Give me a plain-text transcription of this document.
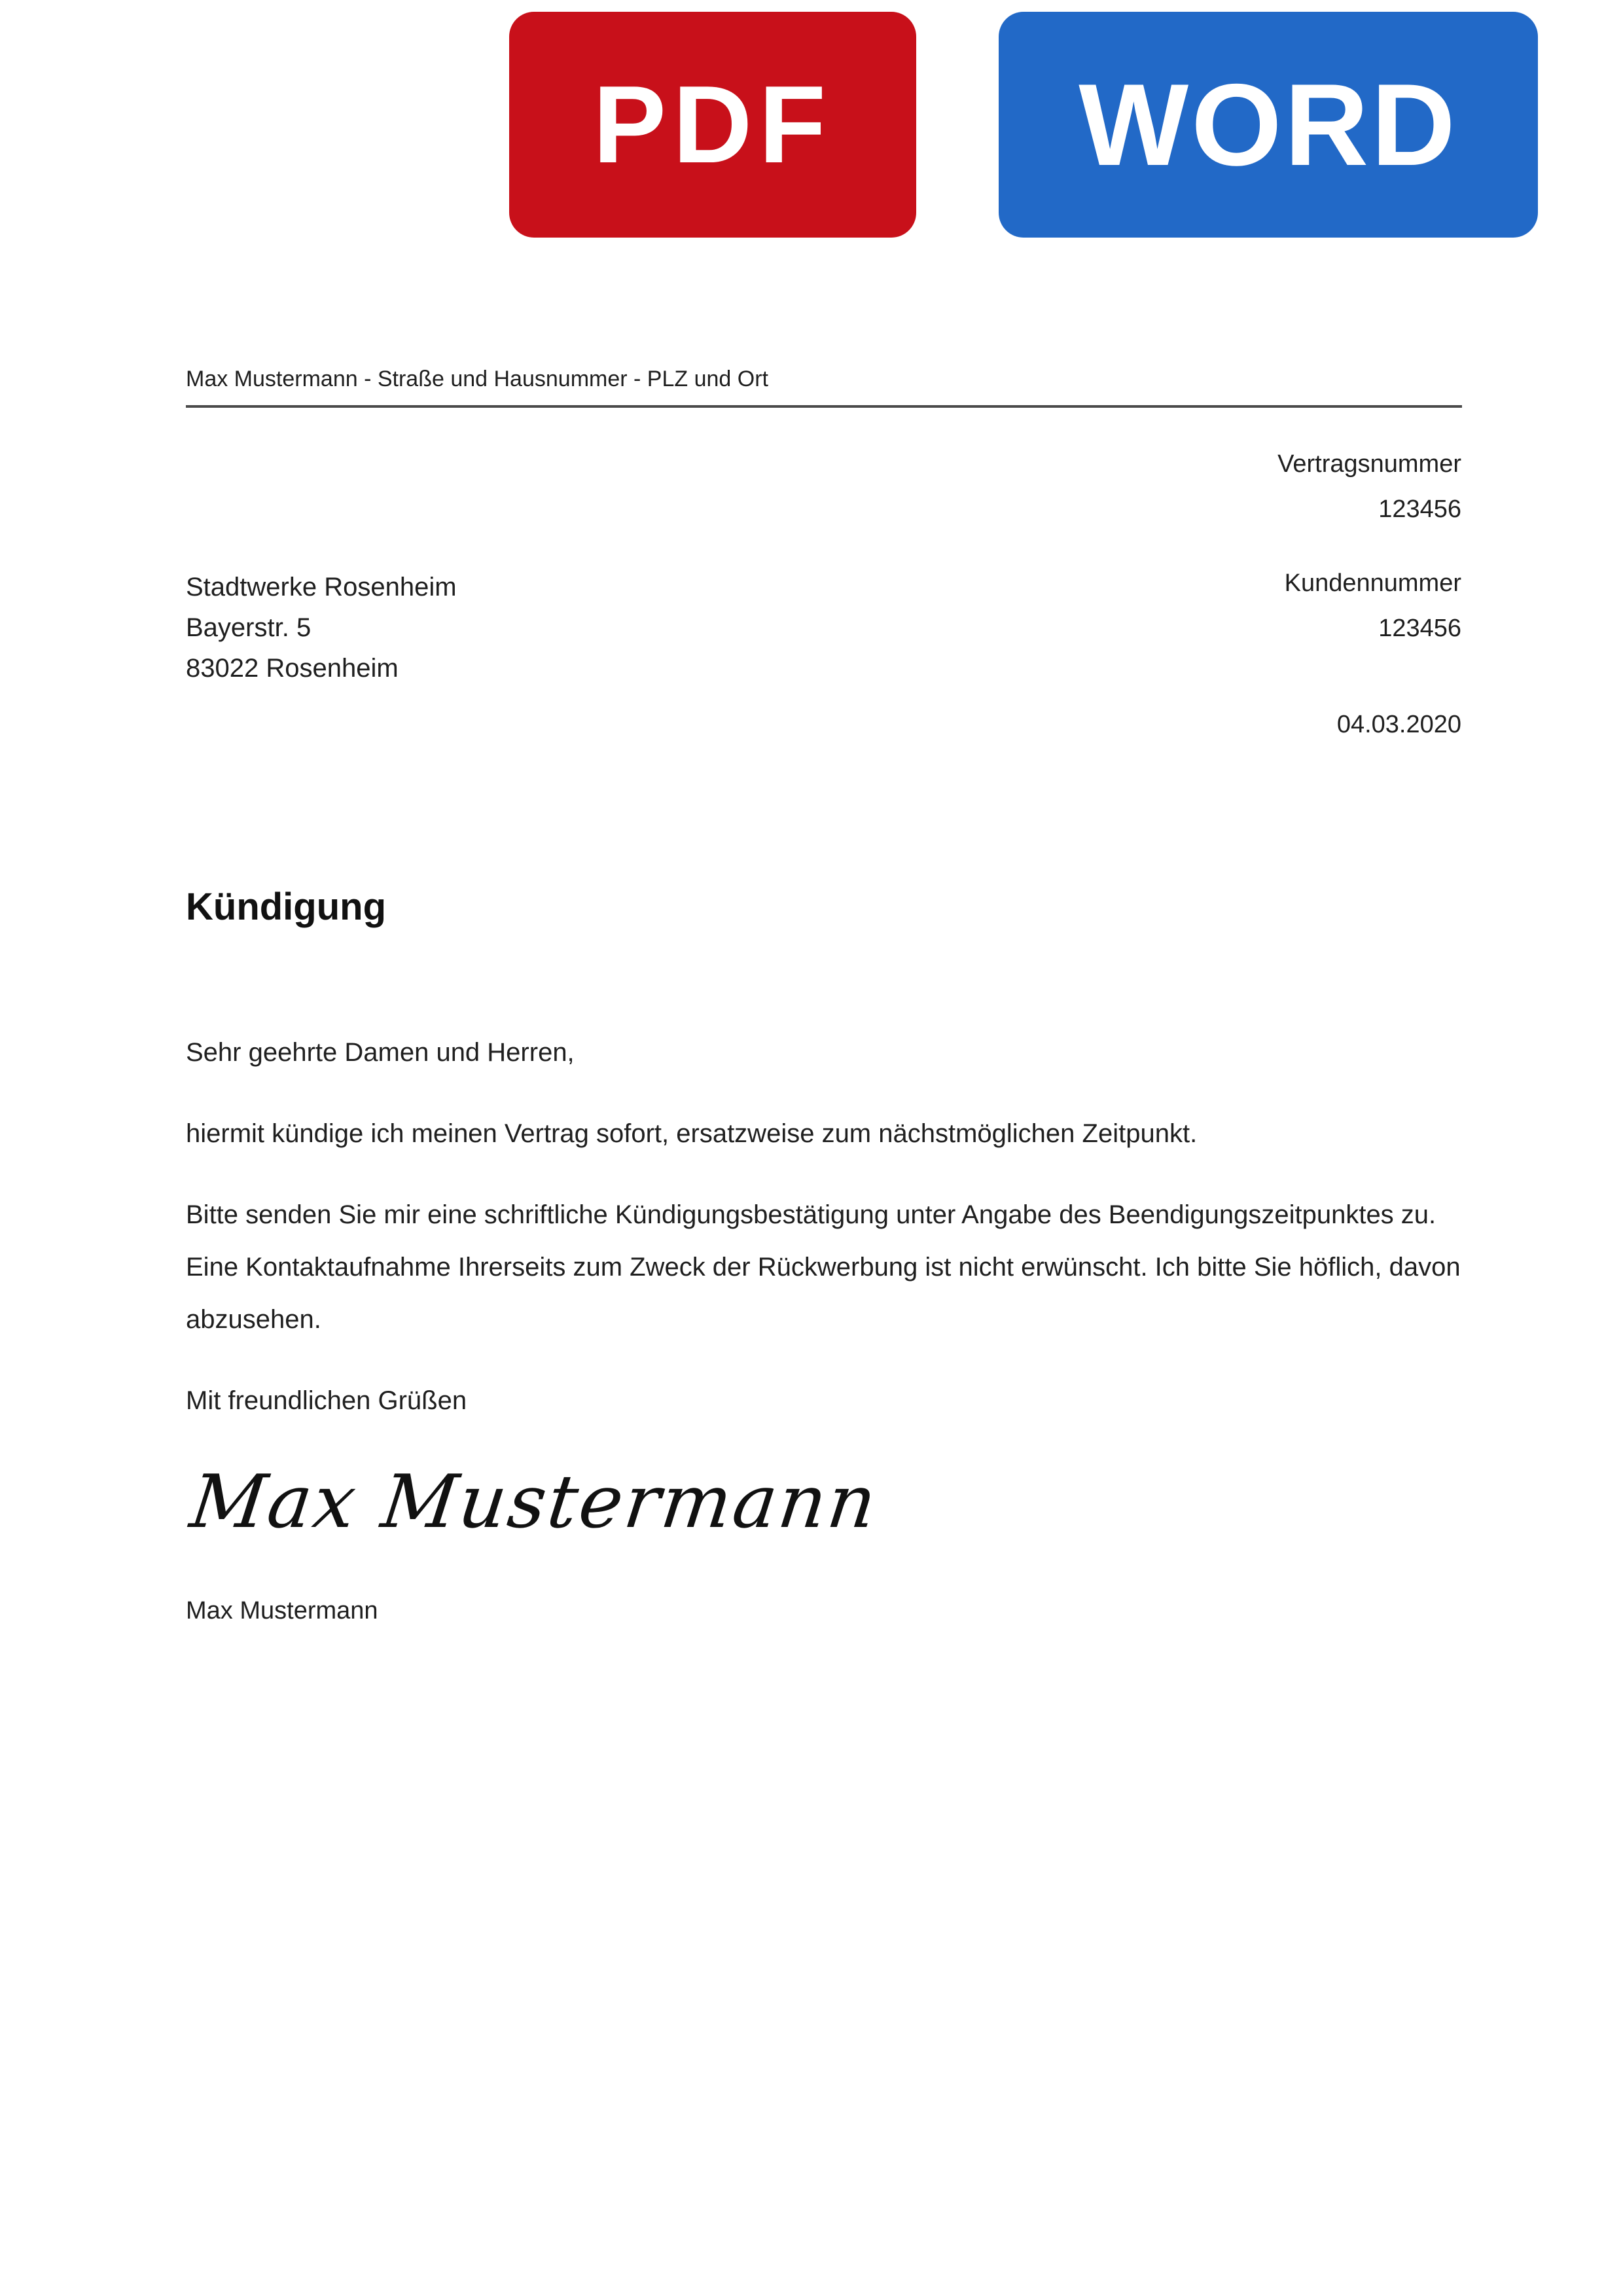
PDF	WORD
Max Mustermann - Straße und Hausnummer - PLZ und Ort
Vertragsnummer
123456
Kundennummer
123456
04.03.2020
Stadtwerke Rosenheim
Bayerstr. 5
83022 Rosenheim
Kündigung

Sehr geehrte Damen und Herren,

hiermit kündige ich meinen Vertrag sofort, ersatzweise zum nächstmöglichen Zeitpunkt.

Bitte senden Sie mir eine schriftliche Kündigungsbestätigung unter Angabe des Beendigungszeitpunktes zu. Eine Kontaktaufnahme Ihrerseits zum Zweck der Rückwerbung ist nicht erwünscht. Ich bitte Sie höflich, davon abzusehen.

Mit freundlichen Grüßen

Max Mustermann
Max Mustermann
